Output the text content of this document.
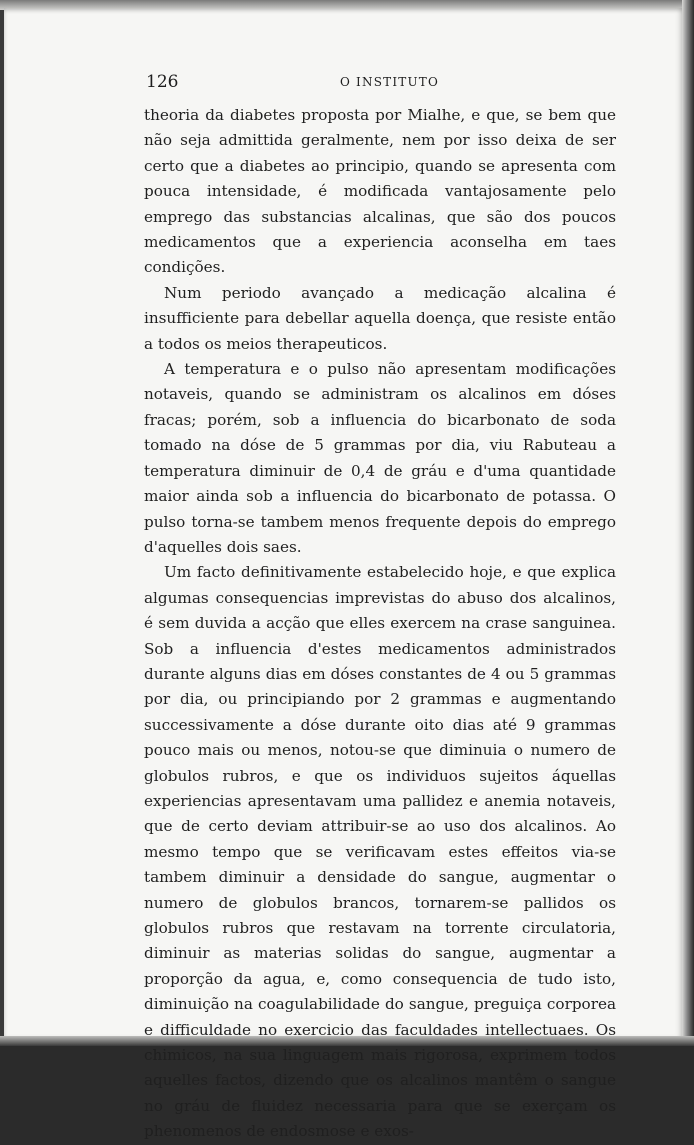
126	O INSTITUTO

theoria da diabetes proposta por Mialhe, e que, se bem que não seja admittida geralmente, nem por isso deixa de ser certo que a diabetes ao principio, quando se apresenta com pouca intensidade, é modificada vantajosamente pelo emprego das substancias alcalinas, que são dos poucos medicamentos que a experiencia aconselha em taes condições.

Num periodo avançado a medicação alcalina é insufficiente para debellar aquella doença, que resiste então a todos os meios therapeuticos.

A temperatura e o pulso não apresentam modificações notaveis, quando se administram os alcalinos em dóses fracas; porém, sob a influencia do bicarbonato de soda tomado na dóse de 5 grammas por dia, viu Rabuteau a temperatura diminuir de 0,4 de gráu e d'uma quantidade maior ainda sob a influencia do bicarbonato de potassa. O pulso torna-se tambem menos frequente depois do emprego d'aquelles dois saes.

Um facto definitivamente estabelecido hoje, e que explica algumas consequencias imprevistas do abuso dos alcalinos, é sem duvida a acção que elles exercem na crase sanguinea. Sob a influencia d'estes medicamentos administrados durante alguns dias em dóses constantes de 4 ou 5 grammas por dia, ou principiando por 2 grammas e augmentando successivamente a dóse durante oito dias até 9 grammas pouco mais ou menos, notou-se que diminuia o numero de globulos rubros, e que os individuos sujeitos áquellas experiencias apresentavam uma pallidez e anemia notaveis, que de certo deviam attribuir-se ao uso dos alcalinos. Ao mesmo tempo que se verificavam estes effeitos via-se tambem diminuir a densidade do sangue, augmentar o numero de globulos brancos, tornarem-se pallidos os globulos rubros que restavam na torrente circulatoria, diminuir as materias solidas do sangue, augmentar a proporção da agua, e, como consequencia de tudo isto, diminuição na coagulabilidade do sangue, preguiça corporea e difficuldade no exercicio das faculdades intellectuaes. Os chimicos, na sua linguagem mais rigorosa, exprimem todos aquelles factos, dizendo que os alcalinos mantêm o sangue no gráu de fluidez necessaria para que se exerçam os phenomenos de endosmose e exos-
